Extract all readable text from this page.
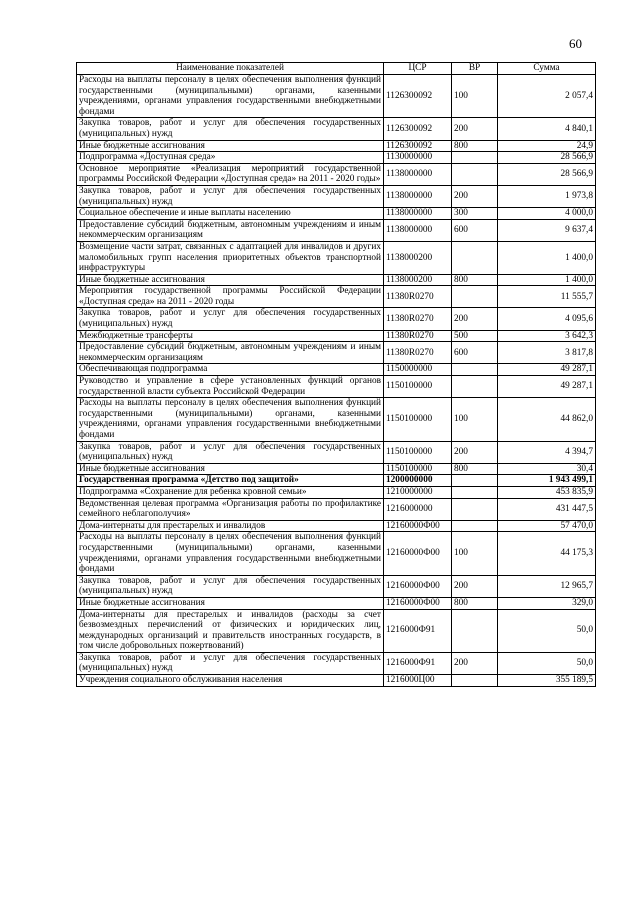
60
Наименование показателей	ЦСР	ВР	Сумма
Расходы на выплаты персоналу в целях обеспечения выполнения функций государственными (муниципальными) органами, казенными учреждениями, органами управления государственными внебюджетными фондами	1126300092	100	2 057,4
Закупка товаров, работ и услуг для обеспечения государственных (муниципальных) нужд	1126300092	200	4 840,1
Иные бюджетные ассигнования	1126300092	800	24,9
Подпрограмма «Доступная среда»	1130000000		28 566,9
Основное мероприятие «Реализация мероприятий государственной программы Российской Федерации «Доступная среда» на 2011 - 2020 годы»	1138000000		28 566,9
Закупка товаров, работ и услуг для обеспечения государственных (муниципальных) нужд	1138000000	200	1 973,8
Социальное обеспечение и иные выплаты населению	1138000000	300	4 000,0
Предоставление субсидий бюджетным, автономным учреждениям и иным некоммерческим организациям	1138000000	600	9 637,4
Возмещение части затрат, связанных с адаптацией для инвалидов и других маломобильных групп населения приоритетных объектов транспортной инфраструктуры	1138000200		1 400,0
Иные бюджетные ассигнования	1138000200	800	1 400,0
Мероприятия государственной программы Российской Федерации «Доступная среда» на 2011 - 2020 годы	11380R0270		11 555,7
Закупка товаров, работ и услуг для обеспечения государственных (муниципальных) нужд	11380R0270	200	4 095,6
Межбюджетные трансферты	11380R0270	500	3 642,3
Предоставление субсидий бюджетным, автономным учреждениям и иным некоммерческим организациям	11380R0270	600	3 817,8
Обеспечивающая подпрограмма	1150000000		49 287,1
Руководство и управление в сфере установленных функций органов государственной власти субъекта Российской Федерации	1150100000		49 287,1
Расходы на выплаты персоналу в целях обеспечения выполнения функций государственными (муниципальными) органами, казенными учреждениями, органами управления государственными внебюджетными фондами	1150100000	100	44 862,0
Закупка товаров, работ и услуг для обеспечения государственных (муниципальных) нужд	1150100000	200	4 394,7
Иные бюджетные ассигнования	1150100000	800	30,4
Государственная программа «Детство под защитой»	1200000000		1 943 499,1
Подпрограмма «Сохранение для ребенка кровной семьи»	1210000000		453 835,9
Ведомственная целевая программа «Организация работы по профилактике семейного неблагополучия»	1216000000		431 447,5
Дома-интернаты для престарелых и инвалидов	12160000Ф00		57 470,0
Расходы на выплаты персоналу в целях обеспечения выполнения функций государственными (муниципальными) органами, казенными учреждениями, органами управления государственными внебюджетными фондами	12160000Ф00	100	44 175,3
Закупка товаров, работ и услуг для обеспечения государственных (муниципальных) нужд	12160000Ф00	200	12 965,7
Иные бюджетные ассигнования	12160000Ф00	800	329,0
Дома-интернаты для престарелых и инвалидов (расходы за счет безвозмездных перечислений от физических и юридических лиц, международных организаций и правительств иностранных государств, в том числе добровольных пожертвований)	1216000Ф91		50,0
Закупка товаров, работ и услуг для обеспечения государственных (муниципальных) нужд	1216000Ф91	200	50,0
Учреждения социального обслуживания населения	1216000Ц00		355 189,5
